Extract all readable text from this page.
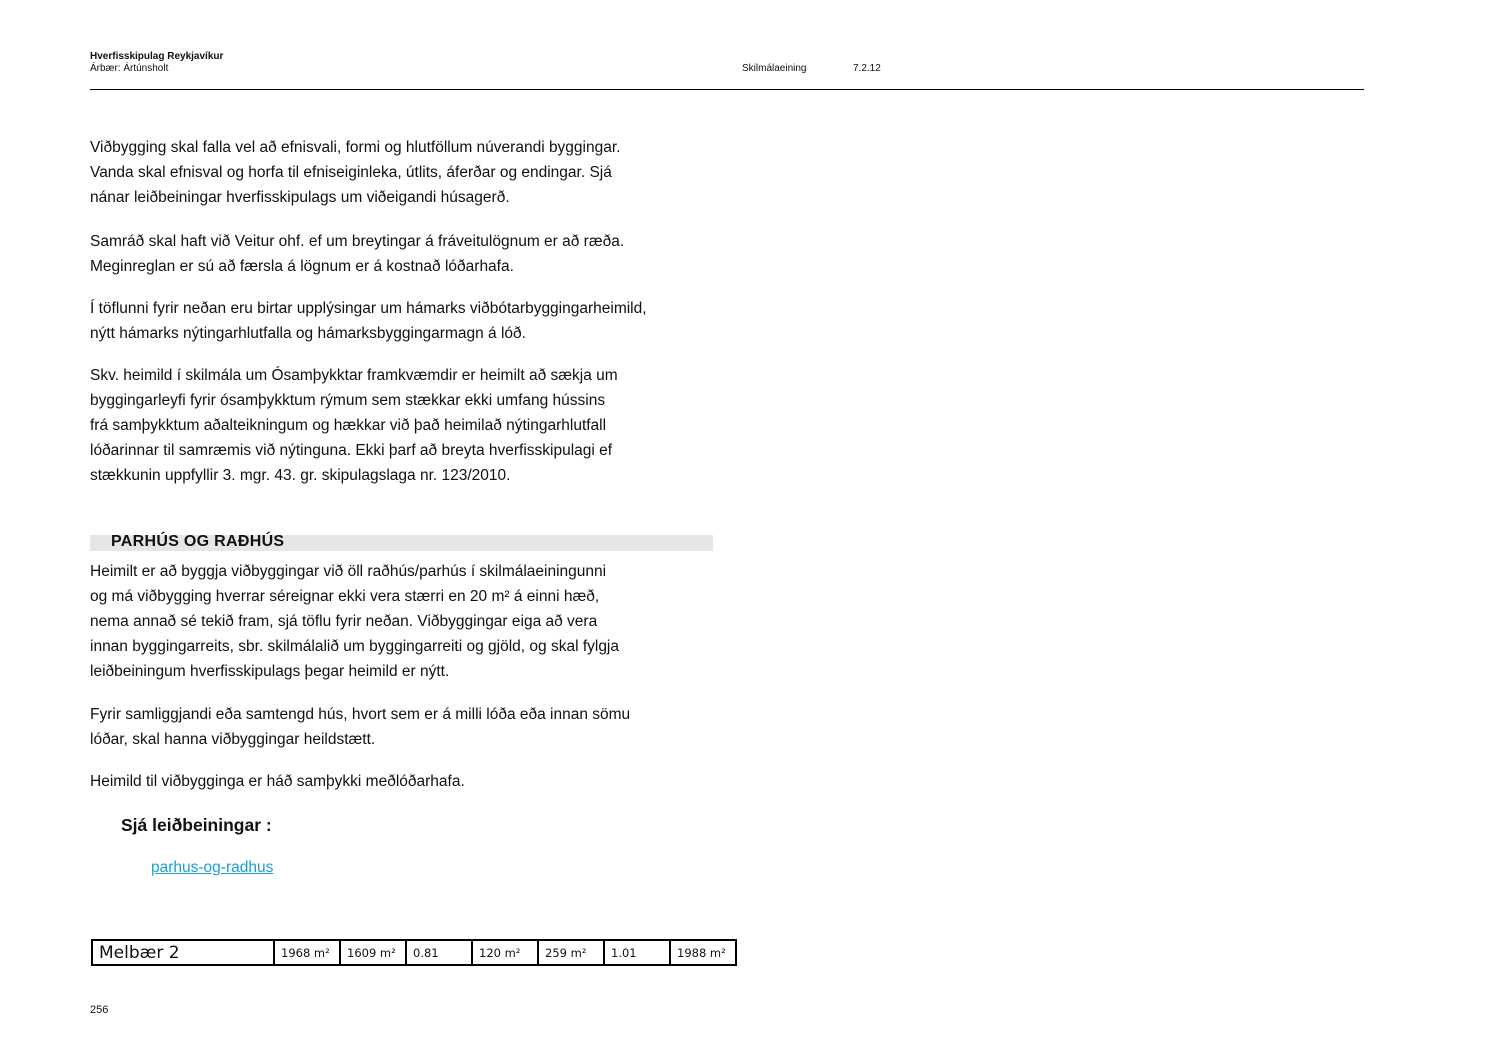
Hverfisskipulag Reykjavíkur
Árbær: Ártúnsholt	Skilmálaeining	7.2.12

Viðbygging skal falla vel að efnisvali, formi og hlutföllum núverandi byggingar.
Vanda skal efnisval og horfa til efniseiginleka, útlits, áferðar og endingar. Sjá
nánar leiðbeiningar hverfisskipulags um viðeigandi húsagerð.

Samráð skal haft við Veitur ohf. ef um breytingar á fráveitulögnum er að ræða.
Meginreglan er sú að færsla á lögnum er á kostnað lóðarhafa.

Í töflunni fyrir neðan eru birtar upplýsingar um hámarks viðbótarbyggingarheimild,
nýtt hámarks nýtingarhlutfalla og hámarksbyggingarmagn á lóð.

Skv. heimild í skilmála um Ósamþykktar framkvæmdir er heimilt að sækja um
byggingarleyfi fyrir ósamþykktum rýmum sem stækkar ekki umfang hússins
frá samþykktum aðalteikningum og hækkar við það heimilað nýtingarhlutfall
lóðarinnar til samræmis við nýtinguna. Ekki þarf að breyta hverfisskipulagi ef
stækkunin uppfyllir 3. mgr. 43. gr. skipulagslaga nr. 123/2010.

PARHÚS OG RAÐHÚS

Heimilt er að byggja viðbyggingar við öll raðhús/parhús í skilmálaeiningunni
og má viðbygging hverrar séreignar ekki vera stærri en 20 m² á einni hæð,
nema annað sé tekið fram, sjá töflu fyrir neðan. Viðbyggingar eiga að vera
innan byggingarreits, sbr. skilmálalið um byggingarreiti og gjöld, og skal fylgja
leiðbeiningum hverfisskipulags þegar heimild er nýtt.

Fyrir samliggjandi eða samtengd hús, hvort sem er á milli lóða eða innan sömu
lóðar, skal hanna viðbyggingar heildstætt.

Heimild til viðbygginga er háð samþykki meðlóðarhafa.

Sjá leiðbeiningar :
parhus-og-radhus
Melbær 2	1968 m²	1609 m²	0.81	120 m²	259 m²	1.01	1988 m²
256
